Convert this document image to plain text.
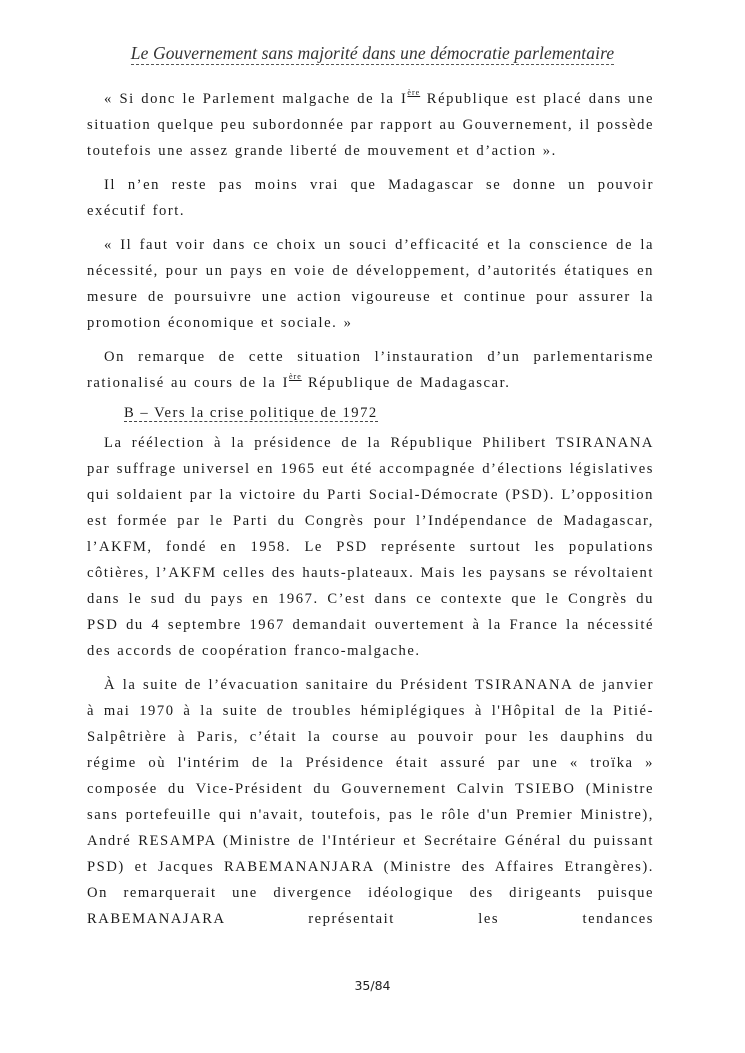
Le Gouvernement sans majorité dans une démocratie parlementaire

« Si donc le Parlement malgache de la Ière République est placé dans une situation quelque peu subordonnée par rapport au Gouvernement, il possède toutefois une assez grande liberté de mouvement et d’action ».

Il n’en reste pas moins vrai que Madagascar se donne un pouvoir exécutif fort.

« Il faut voir dans ce choix un souci d’efficacité et la conscience de la nécessité, pour un pays en voie de développement, d’autorités étatiques en mesure de poursuivre une action vigoureuse et continue pour assurer la promotion économique et sociale. »

On remarque de cette situation l’instauration d’un parlementarisme rationalisé au cours de la Ière République de Madagascar.

B – Vers la crise politique de 1972

La réélection à la présidence de la République Philibert TSIRANANA par suffrage universel en 1965 eut été accompagnée d’élections législatives qui soldaient par la victoire du Parti Social-Démocrate (PSD). L’opposition est formée par le Parti du Congrès pour l’Indépendance de Madagascar, l’AKFM, fondé en 1958. Le PSD représente surtout les populations côtières, l’AKFM celles des hauts-plateaux. Mais les paysans se révoltaient dans le sud du pays en 1967. C’est dans ce contexte que le Congrès du PSD du 4 septembre 1967 demandait ouvertement à la France la nécessité des accords de coopération franco-malgache.

À la suite de l’évacuation sanitaire du Président TSIRANANA de janvier à mai 1970 à la suite de troubles hémiplégiques à l'Hôpital de la Pitié-Salpêtrière à Paris, c’était la course au pouvoir pour les dauphins du régime où l'intérim de la Présidence était assuré par une « troïka » composée du Vice-Président du Gouvernement Calvin TSIEBO (Ministre sans portefeuille qui n'avait, toutefois, pas le rôle d'un Premier Ministre), André RESAMPA (Ministre de l'Intérieur et Secrétaire Général du puissant PSD) et Jacques RABEMANANJARA (Ministre des Affaires Etrangères). On remarquerait une divergence idéologique des dirigeants puisque RABEMANAJARA représentait les tendances

35/84
